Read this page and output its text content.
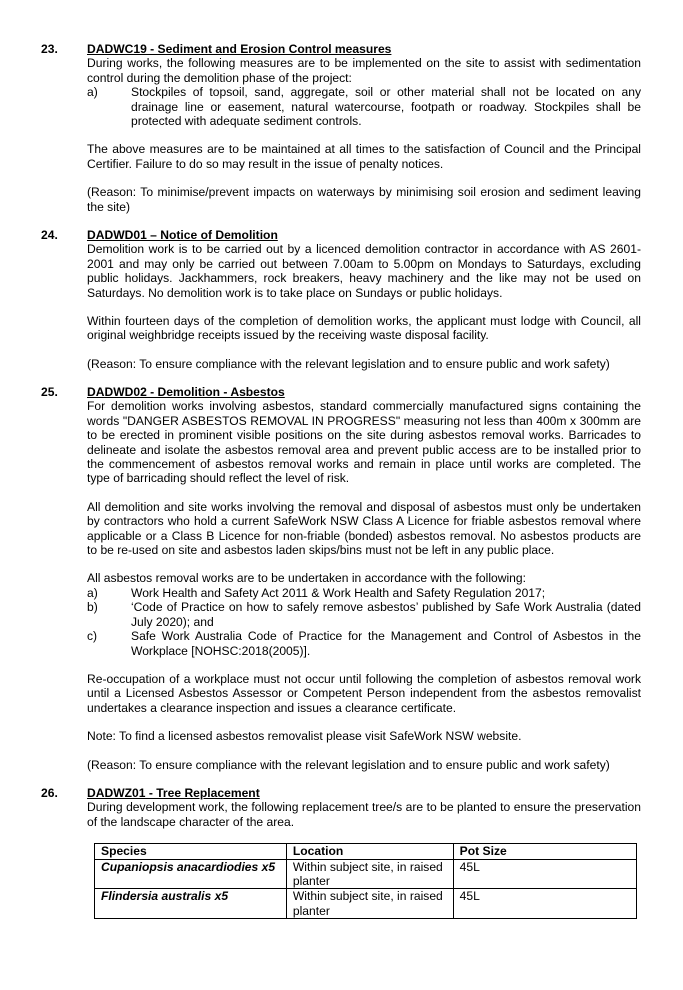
23. DADWC19 - Sediment and Erosion Control measures

During works, the following measures are to be implemented on the site to assist with sedimentation control during the demolition phase of the project:

a)	Stockpiles of topsoil, sand, aggregate, soil or other material shall not be located on any drainage line or easement, natural watercourse, footpath or roadway. Stockpiles shall be protected with adequate sediment controls.

The above measures are to be maintained at all times to the satisfaction of Council and the Principal Certifier. Failure to do so may result in the issue of penalty notices.

(Reason: To minimise/prevent impacts on waterways by minimising soil erosion and sediment leaving the site)

24. DADWD01 – Notice of Demolition

Demolition work is to be carried out by a licenced demolition contractor in accordance with AS 2601-2001 and may only be carried out between 7.00am to 5.00pm on Mondays to Saturdays, excluding public holidays. Jackhammers, rock breakers, heavy machinery and the like may not be used on Saturdays. No demolition work is to take place on Sundays or public holidays.

Within fourteen days of the completion of demolition works, the applicant must lodge with Council, all original weighbridge receipts issued by the receiving waste disposal facility.

(Reason: To ensure compliance with the relevant legislation and to ensure public and work safety)

25. DADWD02 - Demolition - Asbestos

For demolition works involving asbestos, standard commercially manufactured signs containing the words "DANGER ASBESTOS REMOVAL IN PROGRESS" measuring not less than 400m x 300mm are to be erected in prominent visible positions on the site during asbestos removal works. Barricades to delineate and isolate the asbestos removal area and prevent public access are to be installed prior to the commencement of asbestos removal works and remain in place until works are completed. The type of barricading should reflect the level of risk.

All demolition and site works involving the removal and disposal of asbestos must only be undertaken by contractors who hold a current SafeWork NSW Class A Licence for friable asbestos removal where applicable or a Class B Licence for non-friable (bonded) asbestos removal. No asbestos products are to be re-used on site and asbestos laden skips/bins must not be left in any public place.

All asbestos removal works are to be undertaken in accordance with the following:

a)	Work Health and Safety Act 2011 & Work Health and Safety Regulation 2017;
b)	‘Code of Practice on how to safely remove asbestos’ published by Safe Work Australia (dated July 2020); and
c)	Safe Work Australia Code of Practice for the Management and Control of Asbestos in the Workplace [NOHSC:2018(2005)].

Re-occupation of a workplace must not occur until following the completion of asbestos removal work until a Licensed Asbestos Assessor or Competent Person independent from the asbestos removalist undertakes a clearance inspection and issues a clearance certificate.

Note: To find a licensed asbestos removalist please visit SafeWork NSW website.

(Reason: To ensure compliance with the relevant legislation and to ensure public and work safety)

26. DADWZ01 - Tree Replacement

During development work, the following replacement tree/s are to be planted to ensure the preservation of the landscape character of the area.

Species	Location	Pot Size
Cupaniopsis anacardiodies x5	Within subject site, in raised planter	45L
Flindersia australis x5	Within subject site, in raised planter	45L
